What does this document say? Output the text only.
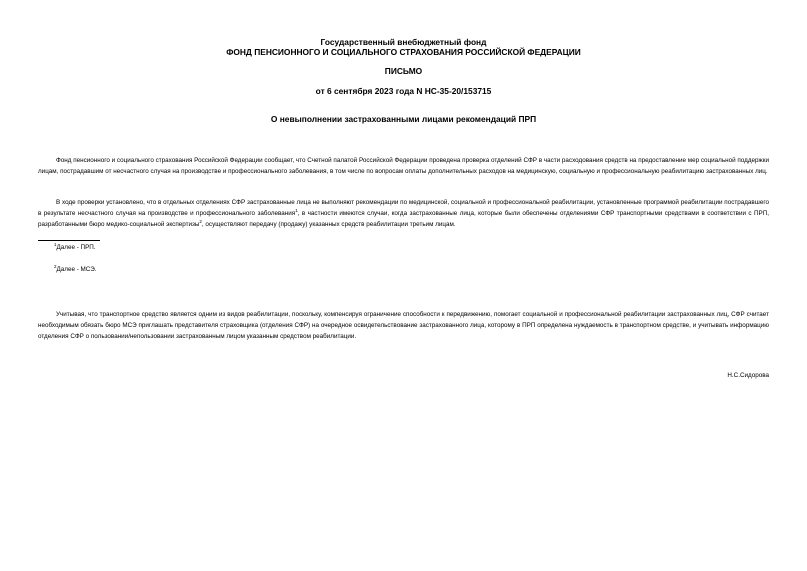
Государственный внебюджетный фонд
ФОНД ПЕНСИОННОГО И СОЦИАЛЬНОГО СТРАХОВАНИЯ РОССИЙСКОЙ ФЕДЕРАЦИИ
ПИСЬМО
от 6 сентября 2023 года N НС-35-20/153715
О невыполнении застрахованными лицами рекомендаций ПРП
Фонд пенсионного и социального страхования Российской Федерации сообщает, что Счетной палатой Российской Федерации проведена проверка отделений СФР в части расходования средств на предоставление мер социальной поддержки лицам, пострадавшим от несчастного случая на производстве и профессионального заболевания, в том числе по вопросам оплаты дополнительных расходов на медицинскую, социальную и профессиональную реабилитацию застрахованных лиц.
В ходе проверки установлено, что в отдельных отделениях СФР застрахованные лица не выполняют рекомендации по медицинской, социальной и профессиональной реабилитации, установленные программой реабилитации пострадавшего в результате несчастного случая на производстве и профессионального заболевания$^1$, в частности имеются случаи, когда застрахованные лица, которые были обеспечены отделениями СФР транспортными средствами в соответствии с ПРП, разработанными бюро медико-социальной экспертизы$^2$, осуществляют передачу (продажу) указанных средств реабилитации третьим лицам.
$^1$Далее - ПРП.
$^2$Далее - МСЭ.
Учитывая, что транспортное средство является одним из видов реабилитации, поскольку, компенсируя ограничение способности к передвижению, помогает социальной и профессиональной реабилитации застрахованных лиц, СФР считает необходимым обязать бюро МСЭ приглашать представителя страховщика (отделения СФР) на очередное освидетельствование застрахованного лица, которому в ПРП определена нуждаемость в транспортном средстве, и учитывать информацию отделения СФР о пользовании/непользовании застрахованным лицом указанным средством реабилитации.
Н.С.Сидорова
